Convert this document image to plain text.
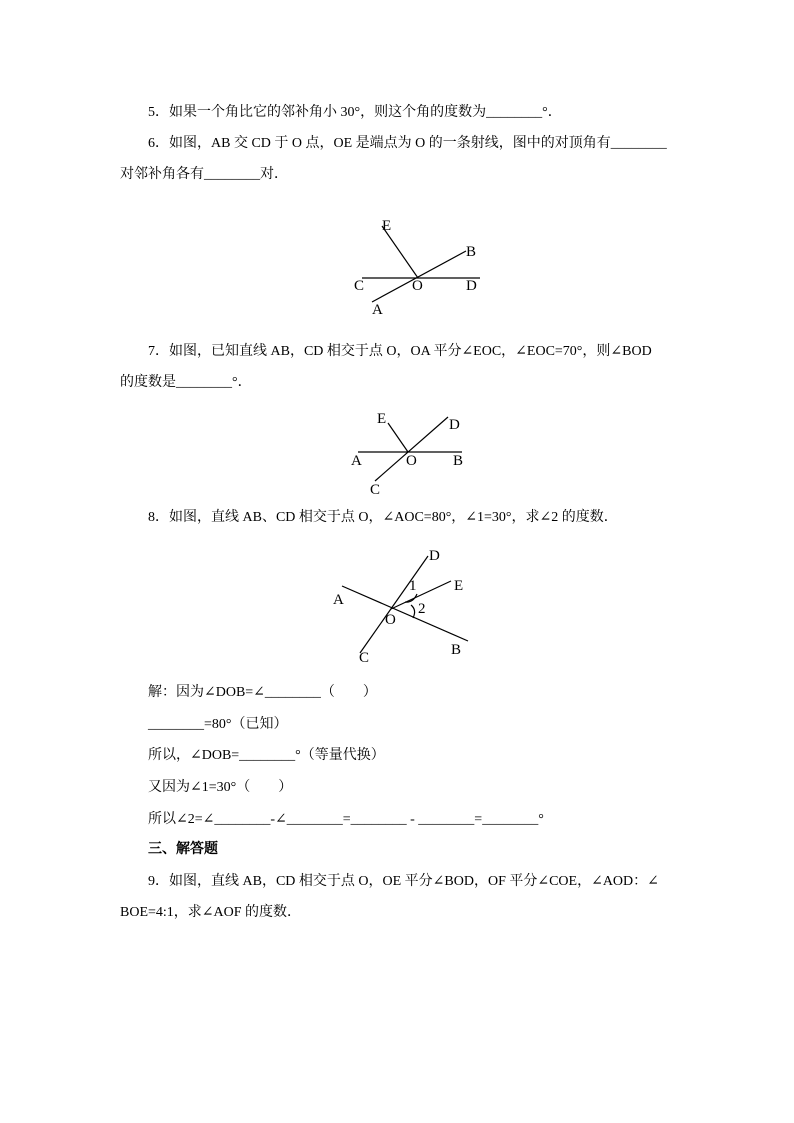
5．如果一个角比它的邻补角小 30°，则这个角的度数为________°．
6．如图，AB 交 CD 于 O 点，OE 是端点为 O 的一条射线，图中的对顶角有________
对邻补角各有________对．
E
B
C	O	D
A
7．如图，已知直线 AB，CD 相交于点 O，OA 平分∠EOC，∠EOC=70°，则∠BOD
的度数是________°．
E	D
A	O B
C
8．如图，直线 AB、CD 相交于点 O，∠AOC=80°，∠1=30°，求∠2 的度数．
D
1	E
A
2
O
B
C
解：因为∠DOB=∠________（　　）
________=80°（已知）
所以，∠DOB=________°（等量代换）
又因为∠1=30°（　　）
所以∠2=∠________-∠________=________ - ________=________°
三、解答题
9．如图，直线 AB，CD 相交于点 O，OE 平分∠BOD，OF 平分∠COE，∠AOD：∠
BOE=4:1，求∠AOF 的度数．
